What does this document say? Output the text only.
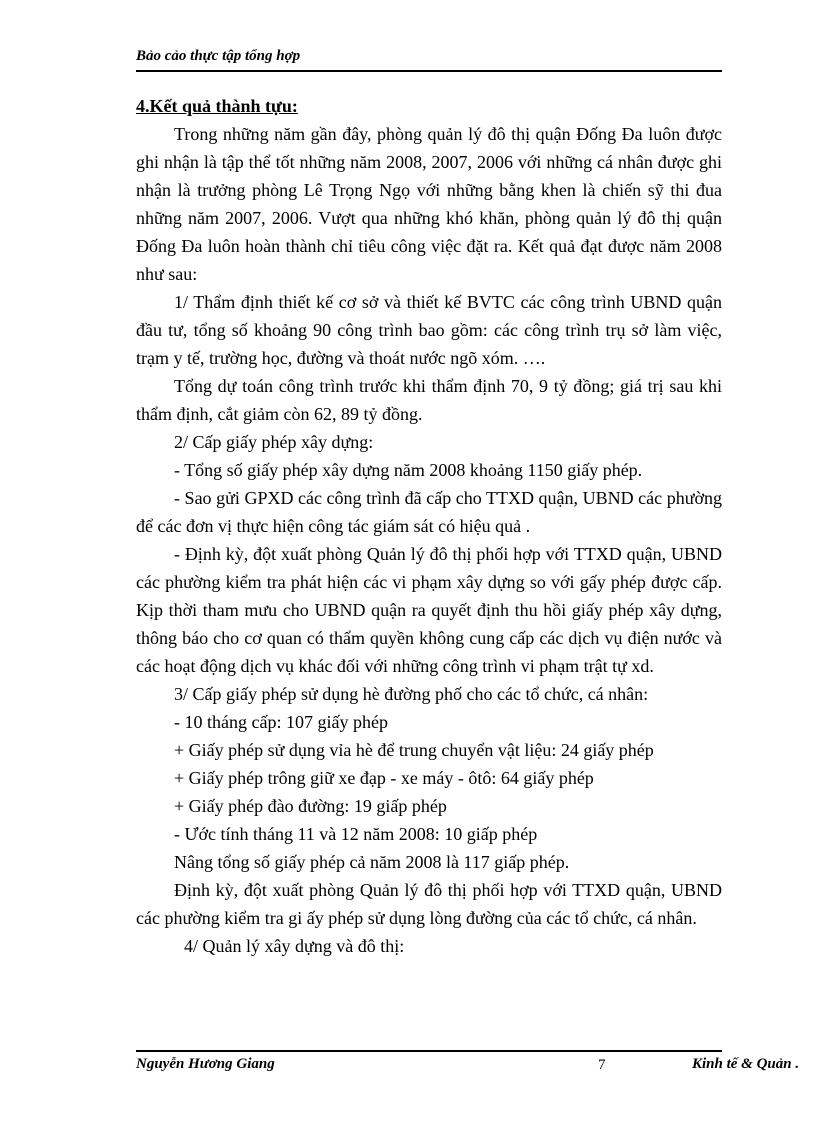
Bảo cảo thực tập tổng hợp

4.Kết quả thành tựu:

Trong những năm gần đây, phòng quản lý đô thị quận Đống Đa luôn được ghi nhận là tập thể tốt những năm 2008, 2007, 2006 với những cá nhân được ghi nhận là trưởng phòng Lê Trọng Ngọ với những bằng khen là chiến sỹ thi đua những năm 2007, 2006. Vượt qua những khó khăn, phòng quản lý đô thị quận Đống Đa luôn hoàn thành chỉ tiêu công việc đặt ra. Kết quả đạt được năm 2008 như sau:

1/ Thẩm định thiết kế cơ sở và thiết kế BVTC các công trình UBND quận đầu tư, tổng số khoảng 90 công trình bao gồm: các công trình trụ sở làm việc, trạm y tế, trường học, đường và thoát nước ngõ xóm. ….

Tổng dự toán công trình trước khi thẩm định 70, 9 tỷ đồng; giá trị sau khi thẩm định, cắt giảm còn 62, 89 tỷ đồng.

2/ Cấp giấy phép xây dựng:

- Tổng số giấy phép xây dựng năm 2008 khoảng 1150 giấy phép.

- Sao gửi GPXD các công trình đã cấp cho TTXD quận, UBND các phường để các đơn vị thực hiện công tác giám sát có hiệu quả .

- Định kỳ, đột xuất phòng Quản lý đô thị phối hợp với TTXD quận, UBND các phường kiểm tra phát hiện các vi phạm xây dựng so với gấy phép được cấp. Kịp thời tham mưu cho UBND quận ra quyết định thu hồi giấy phép xây dựng, thông báo cho cơ quan có thẩm quyền không cung cấp các dịch vụ điện nước và các hoạt động dịch vụ khác đối với những công trình vi phạm trật tự xd.

3/ Cấp giấy phép sử dụng hè đường phố cho các tổ chức, cá nhân:

- 10 tháng cấp: 107 giấy phép

+ Giấy phép sử dụng vỉa hè để trung chuyển vật liệu: 24 giấy phép

+ Giấy phép trông giữ xe đạp - xe máy - ôtô: 64 giấy phép

+ Giấy phép đào đường: 19 giấp phép

- Ước tính tháng 11 và 12 năm 2008: 10 giấp phép

Nâng tổng số giấy phép cả năm 2008 là 117 giấp phép.

Định kỳ, đột xuất phòng Quản lý đô thị phối hợp với TTXD quận, UBND các phường kiểm tra gi ấy phép sử dụng lòng đường của các tổ chức, cá nhân.

4/ Quản lý xây dựng và đô thị:

Nguyễn Hương Giang	7	Kinh tế & Quản .
